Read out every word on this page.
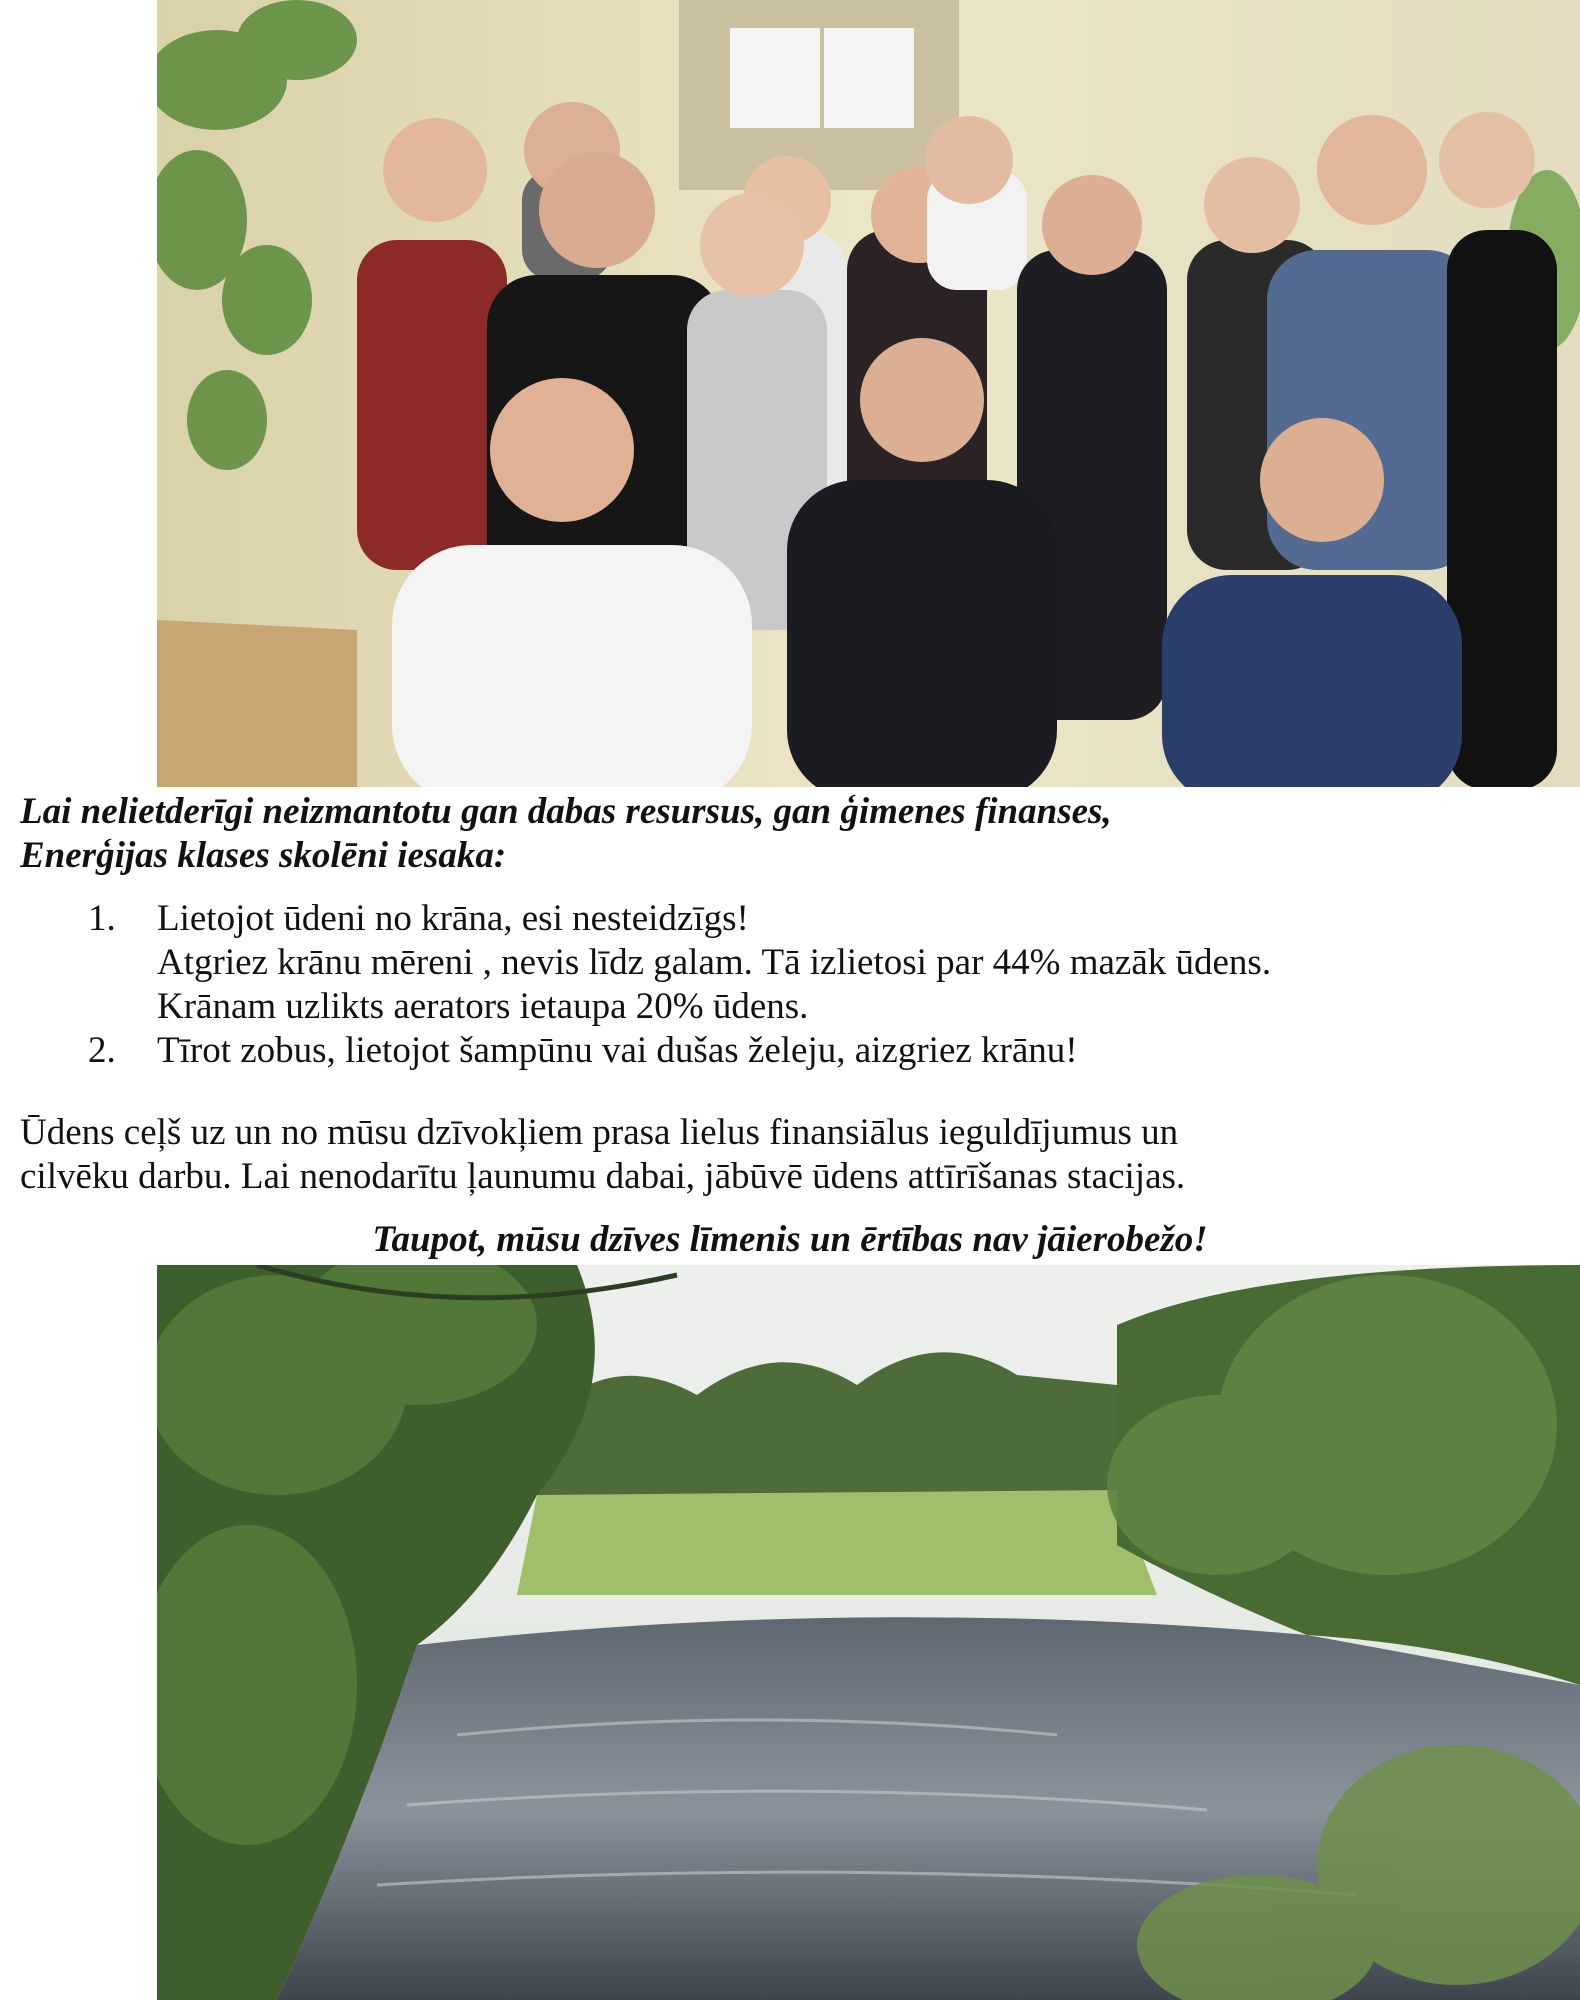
Lai nelietderīgi neizmantotu gan dabas resursus, gan ģimenes finanses,
Enerģijas klases skolēni iesaka:
1. Lietojot ūdeni no krāna, esi nesteidzīgs!
Atgriez krānu mēreni , nevis līdz galam. Tā izlietosi par 44% mazāk ūdens.
Krānam uzlikts aerators ietaupa 20% ūdens.
2. Tīrot zobus, lietojot šampūnu vai dušas želeju, aizgriez krānu!
Ūdens ceļš uz un no mūsu dzīvokļiem prasa lielus finansiālus ieguldījumus un
cilvēku darbu. Lai nenodarītu ļaunumu dabai, jābūvē ūdens attīrīšanas stacijas.
Taupot, mūsu dzīves līmenis un ērtības nav jāierobežo!
